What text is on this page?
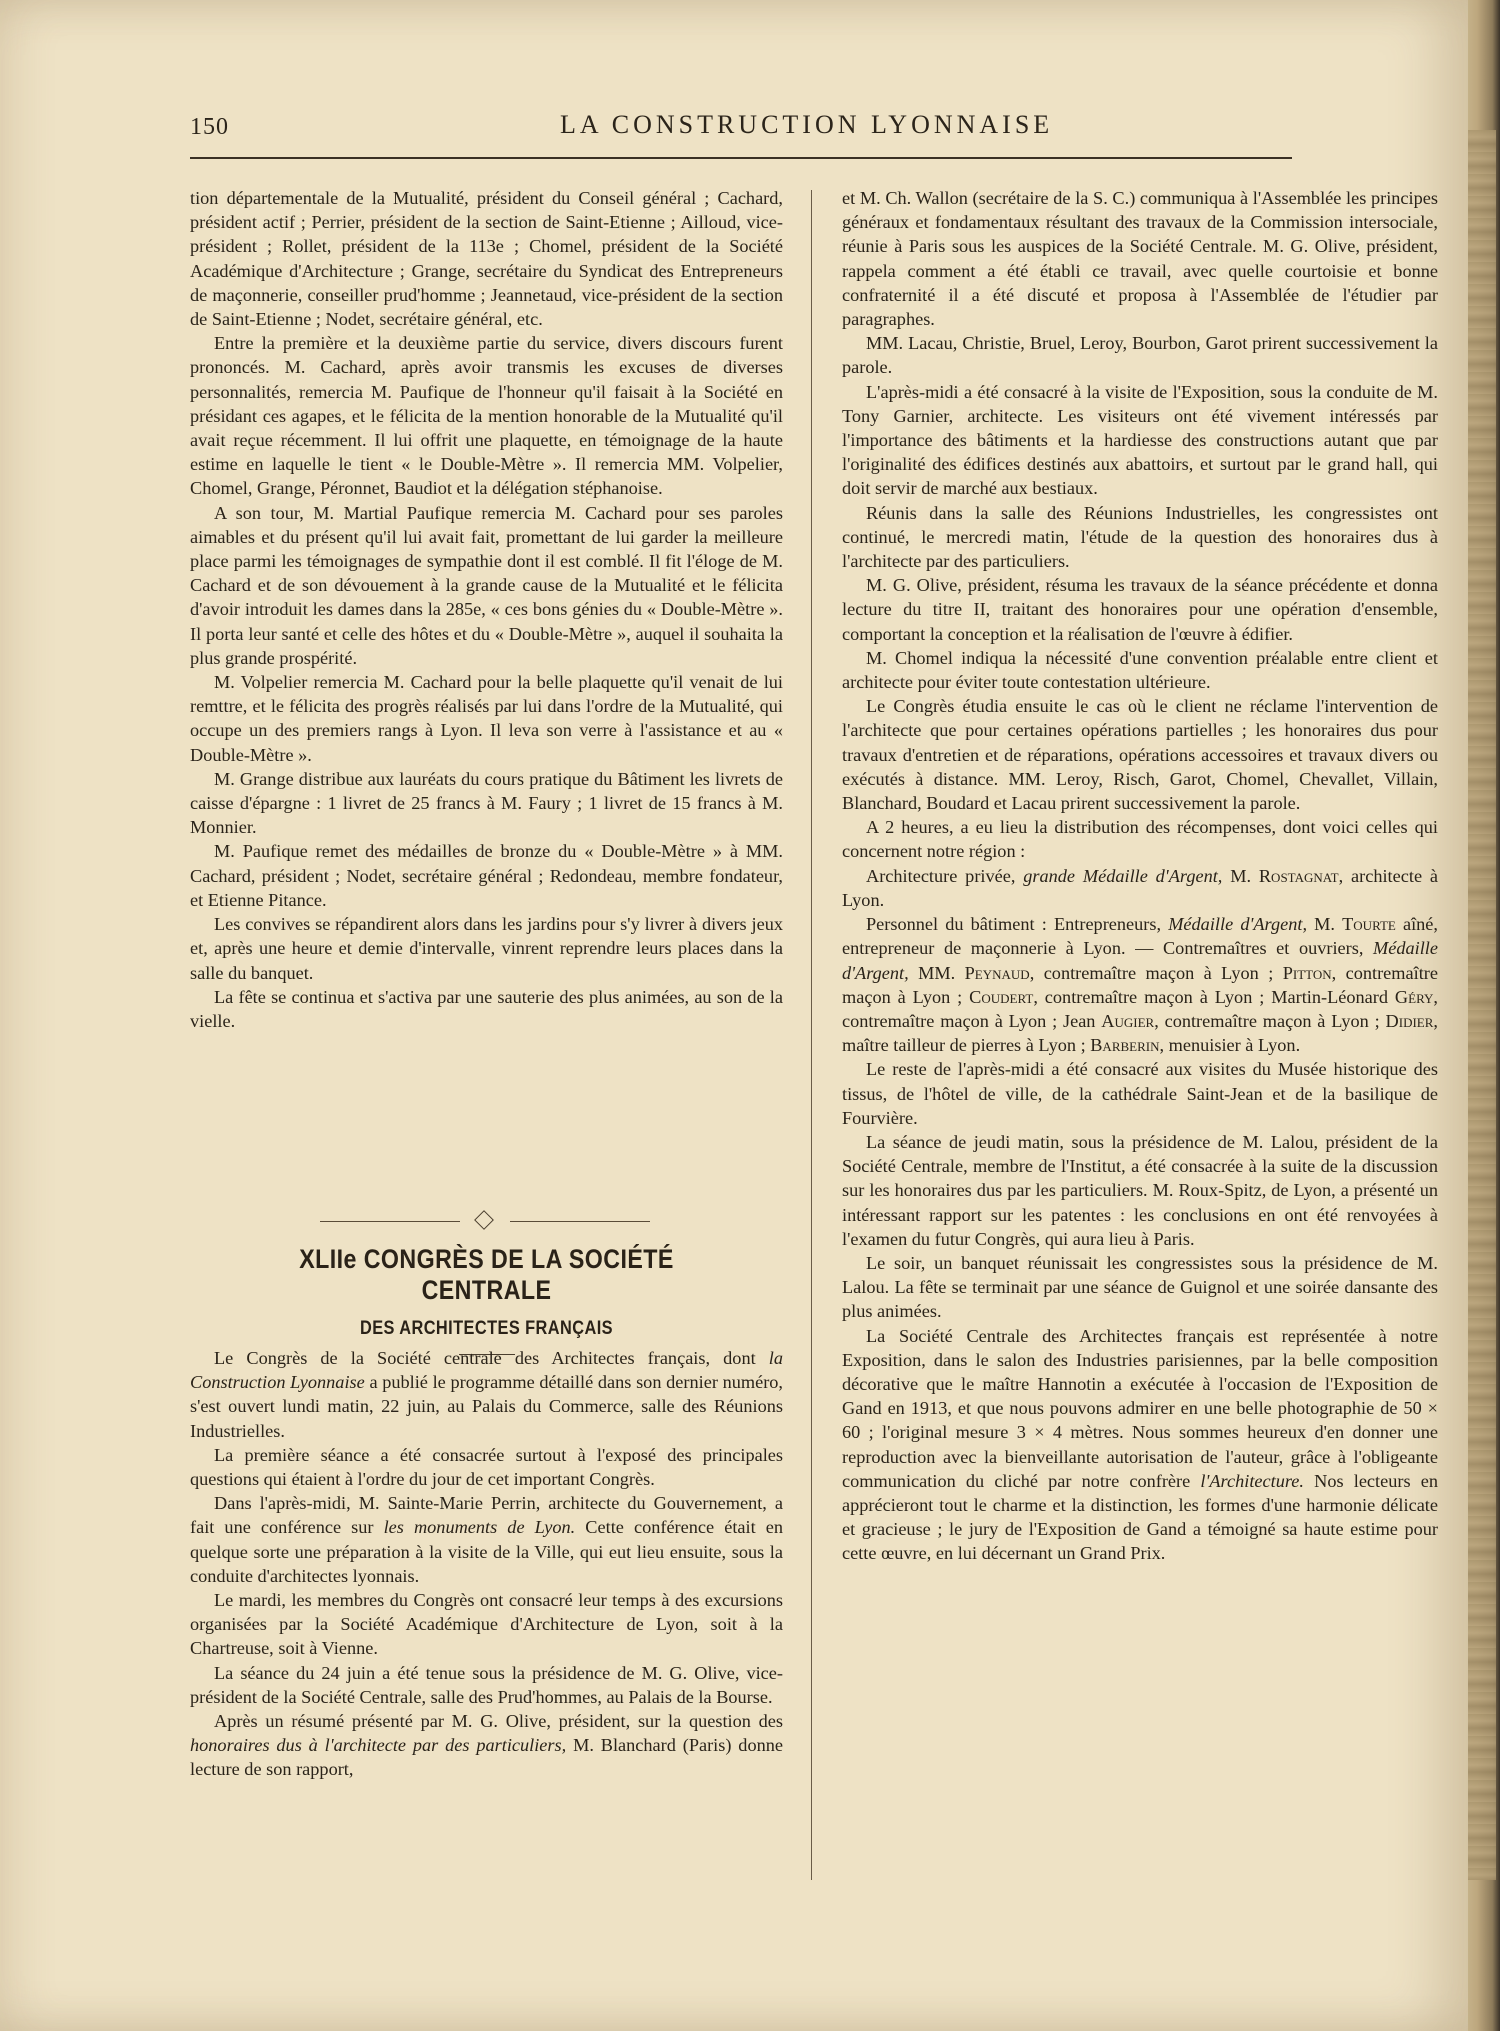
150	LA CONSTRUCTION LYONNAISE

tion départementale de la Mutualité, président du Conseil général ; Cachard, président actif ; Perrier, président de la section de Saint-Etienne ; Ailloud, vice-président ; Rollet, président de la 113e ; Chomel, président de la Société Académique d'Architecture ; Grange, secrétaire du Syndicat des Entrepreneurs de maçonnerie, conseiller prud'homme ; Jeannetaud, vice-président de la section de Saint-Etienne ; Nodet, secrétaire général, etc.

Entre la première et la deuxième partie du service, divers discours furent prononcés. M. Cachard, après avoir transmis les excuses de diverses personnalités, remercia M. Paufique de l'honneur qu'il faisait à la Société en présidant ces agapes, et le félicita de la mention honorable de la Mutualité qu'il avait reçue récemment. Il lui offrit une plaquette, en témoignage de la haute estime en laquelle le tient « le Double-Mètre ». Il remercia MM. Volpelier, Chomel, Grange, Péronnet, Baudiot et la délégation stéphanoise.

A son tour, M. Martial Paufique remercia M. Cachard pour ses paroles aimables et du présent qu'il lui avait fait, promettant de lui garder la meilleure place parmi les témoignages de sympathie dont il est comblé. Il fit l'éloge de M. Cachard et de son dévouement à la grande cause de la Mutualité et le félicita d'avoir introduit les dames dans la 285e, « ces bons génies du « Double-Mètre ». Il porta leur santé et celle des hôtes et du « Double-Mètre », auquel il souhaita la plus grande prospérité.

M. Volpelier remercia M. Cachard pour la belle plaquette qu'il venait de lui remttre, et le félicita des progrès réalisés par lui dans l'ordre de la Mutualité, qui occupe un des premiers rangs à Lyon. Il leva son verre à l'assistance et au « Double-Mètre ».

M. Grange distribue aux lauréats du cours pratique du Bâtiment les livrets de caisse d'épargne : 1 livret de 25 francs à M. Faury ; 1 livret de 15 francs à M. Monnier.

M. Paufique remet des médailles de bronze du « Double-Mètre » à MM. Cachard, président ; Nodet, secrétaire général ; Redondeau, membre fondateur, et Etienne Pitance.

Les convives se répandirent alors dans les jardins pour s'y livrer à divers jeux et, après une heure et demie d'intervalle, vinrent reprendre leurs places dans la salle du banquet.

La fête se continua et s'activa par une sauterie des plus animées, au son de la vielle.

XLIIe CONGRÈS DE LA SOCIÉTÉ CENTRALE
DES ARCHITECTES FRANÇAIS

Le Congrès de la Société centrale des Architectes français, dont la Construction Lyonnaise a publié le programme détaillé dans son dernier numéro, s'est ouvert lundi matin, 22 juin, au Palais du Commerce, salle des Réunions Industrielles.

La première séance a été consacrée surtout à l'exposé des principales questions qui étaient à l'ordre du jour de cet important Congrès.

Dans l'après-midi, M. Sainte-Marie Perrin, architecte du Gouvernement, a fait une conférence sur les monuments de Lyon. Cette conférence était en quelque sorte une préparation à la visite de la Ville, qui eut lieu ensuite, sous la conduite d'architectes lyonnais.

Le mardi, les membres du Congrès ont consacré leur temps à des excursions organisées par la Société Académique d'Architecture de Lyon, soit à la Chartreuse, soit à Vienne.

La séance du 24 juin a été tenue sous la présidence de M. G. Olive, vice-président de la Société Centrale, salle des Prud'hommes, au Palais de la Bourse.

Après un résumé présenté par M. G. Olive, président, sur la question des honoraires dus à l'architecte par des particuliers, M. Blanchard (Paris) donne lecture de son rapport,

et M. Ch. Wallon (secrétaire de la S. C.) communiqua à l'Assemblée les principes généraux et fondamentaux résultant des travaux de la Commission intersociale, réunie à Paris sous les auspices de la Société Centrale. M. G. Olive, président, rappela comment a été établi ce travail, avec quelle courtoisie et bonne confraternité il a été discuté et proposa à l'Assemblée de l'étudier par paragraphes.

MM. Lacau, Christie, Bruel, Leroy, Bourbon, Garot prirent successivement la parole.

L'après-midi a été consacré à la visite de l'Exposition, sous la conduite de M. Tony Garnier, architecte. Les visiteurs ont été vivement intéressés par l'importance des bâtiments et la hardiesse des constructions autant que par l'originalité des édifices destinés aux abattoirs, et surtout par le grand hall, qui doit servir de marché aux bestiaux.

Réunis dans la salle des Réunions Industrielles, les congressistes ont continué, le mercredi matin, l'étude de la question des honoraires dus à l'architecte par des particuliers.

M. G. Olive, président, résuma les travaux de la séance précédente et donna lecture du titre II, traitant des honoraires pour une opération d'ensemble, comportant la conception et la réalisation de l'œuvre à édifier.

M. Chomel indiqua la nécessité d'une convention préalable entre client et architecte pour éviter toute contestation ultérieure.

Le Congrès étudia ensuite le cas où le client ne réclame l'intervention de l'architecte que pour certaines opérations partielles ; les honoraires dus pour travaux d'entretien et de réparations, opérations accessoires et travaux divers ou exécutés à distance. MM. Leroy, Risch, Garot, Chomel, Chevallet, Villain, Blanchard, Boudard et Lacau prirent successivement la parole.

A 2 heures, a eu lieu la distribution des récompenses, dont voici celles qui concernent notre région :

Architecture privée, grande Médaille d'Argent, M. Rostagnat, architecte à Lyon.

Personnel du bâtiment : Entrepreneurs, Médaille d'Argent, M. Tourte aîné, entrepreneur de maçonnerie à Lyon. — Contremaîtres et ouvriers, Médaille d'Argent, MM. Peynaud, contremaître maçon à Lyon ; Pitton, contremaître maçon à Lyon ; Coudert, contremaître maçon à Lyon ; Martin-Léonard Géry, contremaître maçon à Lyon ; Jean Augier, contremaître maçon à Lyon ; Didier, maître tailleur de pierres à Lyon ; Barberin, menuisier à Lyon.

Le reste de l'après-midi a été consacré aux visites du Musée historique des tissus, de l'hôtel de ville, de la cathédrale Saint-Jean et de la basilique de Fourvière.

La séance de jeudi matin, sous la présidence de M. Lalou, président de la Société Centrale, membre de l'Institut, a été consacrée à la suite de la discussion sur les honoraires dus par les particuliers. M. Roux-Spitz, de Lyon, a présenté un intéressant rapport sur les patentes : les conclusions en ont été renvoyées à l'examen du futur Congrès, qui aura lieu à Paris.

Le soir, un banquet réunissait les congressistes sous la présidence de M. Lalou. La fête se terminait par une séance de Guignol et une soirée dansante des plus animées.

La Société Centrale des Architectes français est représentée à notre Exposition, dans le salon des Industries parisiennes, par la belle composition décorative que le maître Hannotin a exécutée à l'occasion de l'Exposition de Gand en 1913, et que nous pouvons admirer en une belle photographie de 50 × 60 ; l'original mesure 3 × 4 mètres. Nous sommes heureux d'en donner une reproduction avec la bienveillante autorisation de l'auteur, grâce à l'obligeante communication du cliché par notre confrère l'Architecture. Nos lecteurs en apprécieront tout le charme et la distinction, les formes d'une harmonie délicate et gracieuse ; le jury de l'Exposition de Gand a témoigné sa haute estime pour cette œuvre, en lui décernant un Grand Prix.
